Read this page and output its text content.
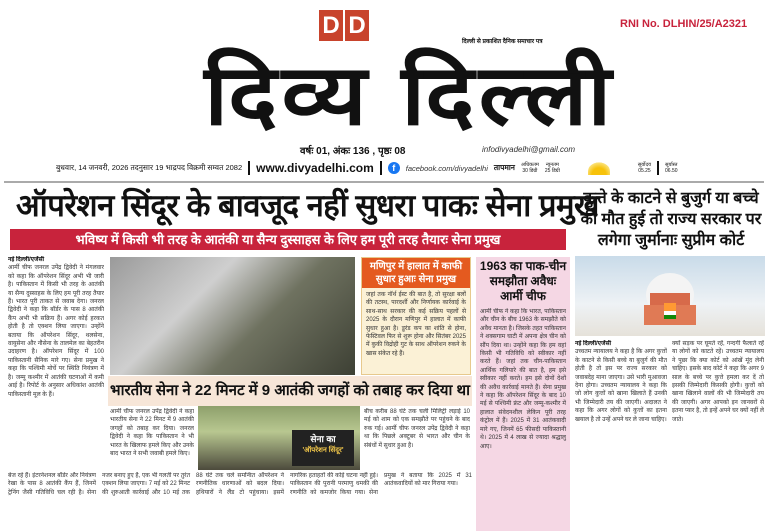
D D
दिव्य दिल्ली
दिल्ली से प्रकाशित दैनिक समाचार पत्र
RNI No. DLHIN/25/A2321
वर्षः 01, अंकः 136 , पृष्ठः 08	infodivyadelhi@gmail.com
बुधवार, 14 जनवरी, 2026 तदनुसार 19 भाद्रपद विक्रमी सम्वत 2082 www.divyadelhi.com	f	facebook.com/divyadelhi तापमान अधिकतम
30 डिग्री
न्यूनतम
25 डिग्री
सूर्योदय
05.25
सूर्यास्त
06.50
ऑपरेशन सिंदूर के बावजूद नहीं सुधरा पाकः सेना प्रमुख
भविष्य में किसी भी तरह के आतंकी या सैन्य दुस्साहस के लिए हम पूरी तरह तैयारः सेना प्रमुख
कुत्ते के काटने से बुजुर्ग या बच्चे की मौत हुई तो राज्य सरकार पर लगेगा जुर्मानाः सुप्रीम कोर्ट
नई दिल्ली/एजेंसी
आर्मी चीफ जनरल उपेंद्र द्विवेदी ने मंगलवार को कहा कि ऑपरेशन सिंदूर अभी भी जारी है। पाकिस्तान में किसी भी तरह के आतंकी या सैन्य दुस्साहस के लिए हम पूरी तरह तैयार हैं। भारत पूरी ताकत से जवाब देगा। जनरल द्विवेदी ने कहा कि बॉर्डर के पास 8 आतंकी कैंप अभी भी सक्रिय हैं। अगर कोई हरकत होती है तो एक्शन लिया जाएगा। उन्होंने बताया कि ऑपरेशन सिंदूर, थलसेना, वायुसेना और नौसेना के तालमेल का बेहतरीन उदाहरण है। ऑपरेशन सिंदूर में 100 पाकिस्तानी सैनिक मारे गए। सेना प्रमुख ने कहा कि पश्चिमी मोर्चे पर स्थिति नियंत्रण में है। जम्मू कश्मीर में आतंकी घटनाओं में कमी आई है। रिपोर्ट के अनुसार अधिकांश आतंकी पाकिस्तानी मूल के हैं।
मणिपुर में हालात में काफी सुधार हुआः सेना प्रमुख
जहां तक नॉर्थ ईस्ट की बात है, तो सुरक्षा बलों की तटस्थ, पारदर्शी और निर्णायक कार्रवाई के साथ-साथ सरकार की कई सक्रिय पहलों से 2025 के दौरान मणिपुर में हालात में काफी सुधार हुआ है। डूरंड कप का शांति से होना, फेस्टिवल फिर से शुरू होना और सितंबर 2025 में कुकी विद्रोही गुट के साथ ऑपरेशन रुकने के खास संकेत रहे हैं।
1963 का पाक-चीन समझौता अवैधः आर्मी चीफ
आर्मी चीफ ने कहा कि भारत, पाकिस्तान और चीन के बीच 1963 के समझौते को अवैध मानता है। जिसके तहत पाकिस्तान ने शक्सगाम घाटी में अपना क्षेत्र चीन को सौंप दिया था। उन्होंने कहा कि हम वहां किसी भी गतिविधि को स्वीकार नहीं करते हैं। जहां तक चीन-पाकिस्तान आर्थिक गलियारे की बात है, हम इसे स्वीकार नहीं करते। हम इसे दोनों देशों की अवैध कार्रवाई मानते हैं। सेना प्रमुख ने कहा कि ऑपरेशन सिंदूर के बाद 10 मई से पश्चिमी फ्रंट और जम्मू-कश्मीर में हालात संवेदनशील लेकिन पूरी तरह कंट्रोल में हैं। 2025 में 31 आतंकवादी मारे गए, जिनमें 65 फीसदी पाकिस्तानी थे। 2025 में 4 लाख से ज्यादा श्रद्धालु आए।
भारतीय सेना ने 22 मिनट में 9 आतंकी जगहों को तबाह कर दिया था
आर्मी चीफ जनरल उपेंद्र द्विवेदी ने कहा भारतीय सेना ने 22 मिनट में 9 आतंकी जगहों को तबाह कर दिया। जनरल द्विवेदी ने कहा कि पाकिस्तान ने भी भारत के खिलाफ हमले किए और उनके बाद भारत ने सभी जवाबी हमले किए।
सेना का
'ऑपरेशन सिंदूर'
बीच करीब 88 घंटे तक चली मिलिट्री लड़ाई 10 मई को शाम को एक समझौते पर पहुंचने के बाद रुक गई। आर्मी चीफ जनरल उपेंद्र द्विवेदी ने कहा था कि पिछले अक्टूबर से भारत और चीन के संबंधों में सुधार हुआ है।
बेज रहे हैं। इंटरनेशनल बॉर्डर और नियंत्रण रेखा के पास 8 आतंकी कैंप हैं, जिनमें ट्रेनिंग जैसी गतिविधि चल रही है। सेना नजर बनाए हुए है, एक भी गलती पर तुरंत एक्शन लिया जाएगा। 7 मई को 22 मिनट की शुरुआती कार्रवाई और 10 मई तक 88 घंटे तक चले समन्वित ऑपरेशन ने रणनीतिक धारणाओं को बदल दिया। हथियारों ने लैंड टो पहुंचाया। इसमें नागरिक हताहतों की कोई घटना नहीं हुई। पाकिस्तान की पुरानी परमाणु धमकी की रणनीति को कमजोर किया गया। सेना प्रमुख ने बताया कि 2025 में 31 आतंकवादियों को मार गिराया गया।
नई दिल्ली/एजेंसी
उच्चतम न्यायालय ने कहा है कि अगर कुत्तों के काटने से किसी बच्चे या बुजुर्ग की मौत होती है तो इस पर राज्य सरकार को जवाबदेह माना जाएगा। उसे भारी मुआवजा देना होगा। उच्चतम न्यायालय ने कहा कि जो लोग कुत्तों को खाना खिलाते हैं उनकी भी जिम्मेदारी तय की जाएगी। अदालत ने कहा कि अगर लोगों को कुत्तों का इतना खयाल है तो उन्हें अपने घर ले जाना चाहिए।
क्यों सड़क पर घूमते रहें, गन्दगी फैलाते रहें या लोगों को काटते रहें। उच्चतम न्यायालय ने पूछा कि क्या कोर्ट को आंखें मूंद लेनी चाहिए। इसके बाद कोर्ट ने कहा कि अगर 9 साल के बच्चे पर कुत्ते हमला कर दें तो इसकी जिम्मेदारी किसकी होगी। कुत्तों को खाना खिलाने वालों की भी जिम्मेदारी तय की जाएगी। अगर आपको इन जानवरों से इतना प्यार है, तो इन्हें अपने घर क्यों नहीं ले जाते।
